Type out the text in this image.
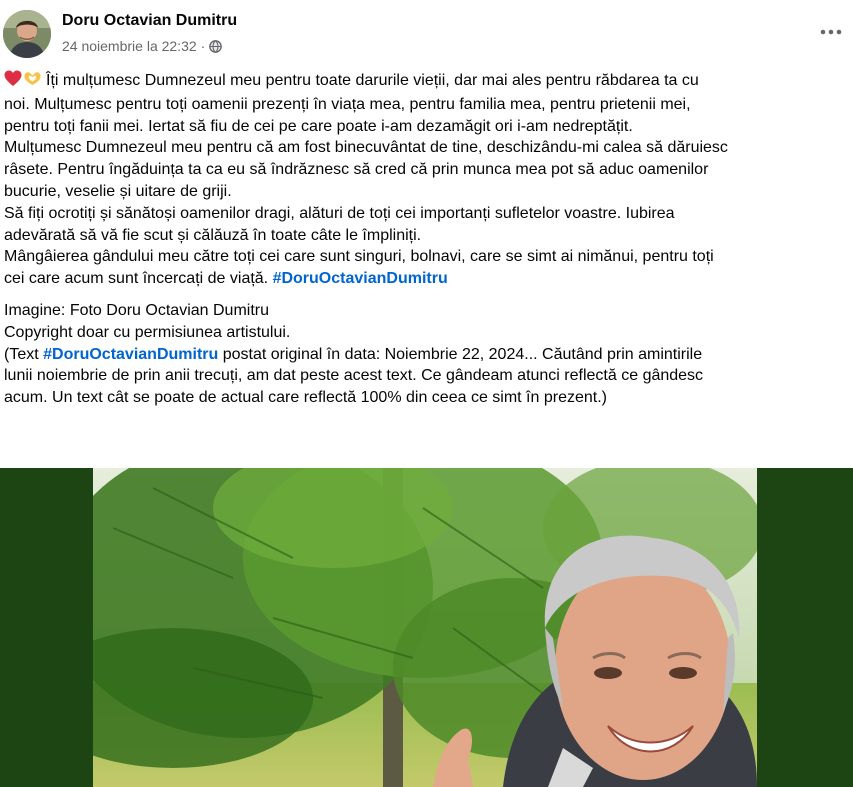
Doru Octavian Dumitru
24 noiembrie la 22:32 ·

Îți mulțumesc Dumnezeul meu pentru toate darurile vieții, dar mai ales pentru răbdarea ta cu
noi. Mulțumesc pentru toți oamenii prezenți în viața mea, pentru familia mea, pentru prietenii mei,
pentru toți fanii mei. Iertat să fiu de cei pe care poate i-am dezamăgit ori i-am nedreptățit.
Mulțumesc Dumnezeul meu pentru că am fost binecuvântat de tine, deschizându-mi calea să dăruiesc
râsete. Pentru îngăduința ta ca eu să îndrăznesc să cred că prin munca mea pot să aduc oamenilor
bucurie, veselie și uitare de griji.
Să fiți ocrotiți și sănătoși oamenilor dragi, alături de toți cei importanți sufletelor voastre. Iubirea
adevărată să vă fie scut și călăuză în toate câte le împliniți.
Mângâierea gândului meu către toți cei care sunt singuri, bolnavi, care se simt ai nimănui, pentru toți
cei care acum sunt încercați de viață. #DoruOctavianDumitru

Imagine: Foto Doru Octavian Dumitru
Copyright doar cu permisiunea artistului.
(Text #DoruOctavianDumitru postat original în data: Noiembrie 22, 2024... Căutând prin amintirile
lunii noiembrie de prin anii trecuți, am dat peste acest text. Ce gândeam atunci reflectă ce gândesc
acum. Un text cât se poate de actual care reflectă 100% din ceea ce simt în prezent.)
